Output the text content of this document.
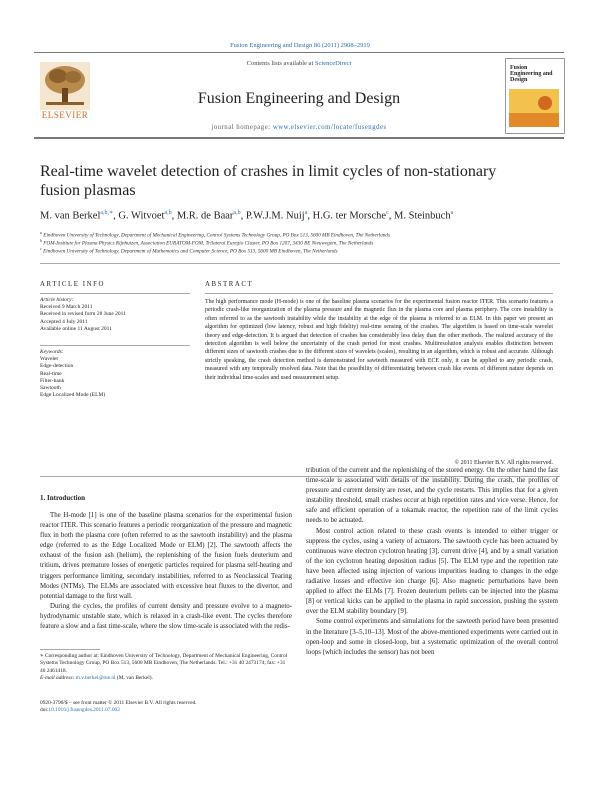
Fusion Engineering and Design 86 (2011) 2908–2919
Contents lists available at ScienceDirect
Fusion Engineering and Design
journal homepage: www.elsevier.com/locate/fusengdes
ELSEVIER
Fusion Engineering and Design
Real-time wavelet detection of crashes in limit cycles of non-stationary fusion plasmas
M. van Berkel$^{a,b,∗}$, G. Witvoet$^{a,b}$, M.R. de Baar$^{a,b}$, P.W.J.M. Nuij$^a$, H.G. ter Morsche$^c$, M. Steinbuch$^a$
$^a$ Eindhoven University of Technology, Department of Mechanical Engineering, Control Systems Technology Group, PO Box 513, 5600 MB Eindhoven, The Netherlands
$^b$ FOM-Institute for Plasma Physics Rijnhuizen, Association EURATOM-FOM, Trilateral Euregio Cluster, PO Box 1207, 3430 BE Nieuwegein, The Netherlands
$^c$ Eindhoven University of Technology, Department of Mathematics and Computer Science, PO Box 513, 5600 MB Eindhoven, The Netherlands
ARTICLE INFO
Article history:
Received 9 March 2011
Received in revised form 28 June 2011
Accepted 4 July 2011
Available online 11 August 2011
Keywords:
Wavelet
Edge-detection
Real-time
Filter-bank
Sawtooth
Edge Localized Mode (ELM)
ABSTRACT
The high performance mode (H-mode) is one of the baseline plasma scenarios for the experimental fusion reactor ITER. This scenario features a periodic crash-like reorganization of the plasma pressure and the magnetic flux in the plasma core and plasma periphery. The core instability is often referred to as the sawtooth instability while the instability at the edge of the plasma is referred to as ELM. In this paper we present an algorithm for optimized (low latency, robust and high fidelity) real-time sensing of the crashes. The algorithm is based on time-scale wavelet theory and edge-detection. It is argued that detection of crashes has considerably less delay than the other methods. The realized accuracy of the detection algorithm is well below the uncertainty of the crash period for most crashes. Multiresolution analysis enables distinction between different sizes of sawtooth crashes due to the different sizes of wavelets (scales), resulting in an algorithm, which is robust and accurate. Although strictly speaking, the crash detection method is demonstrated for sawteeth measured with ECE only, it can be applied to any periodic crash, measured with any temporally resolved data. Note that the possibility of differentiating between crash like events of different nature depends on their individual time-scales and used measurement setup.
© 2011 Elsevier B.V. All rights reserved.
1. Introduction

The H-mode [1] is one of the baseline plasma scenarios for the experimental fusion reactor ITER. This scenario features a periodic reorganization of the pressure and magnetic flux in both the plasma core (often referred to as the sawtooth instability) and the plasma edge (referred to as the Edge Localized Mode or ELM) [2]. The sawtooth affects the exhaust of the fusion ash (helium), the replenishing of the fusion fuels deuterium and tritium, drives premature losses of energetic particles required for plasma self-heating and triggers performance limiting, secondary instabilities, referred to as Neoclassical Tearing Modes (NTMs). The ELMs are associated with excessive heat fluxes to the divertor, and potential damage to the first wall.

During the cycles, the profiles of current density and pressure evolve to a magneto-hydrodynamic unstable state, which is relaxed in a crash-like event. The cycles therefore feature a slow and a fast time-scale, where the slow time-scale is associated with the redis-

tribution of the current and the replenishing of the stored energy. On the other hand the fast time-scale is associated with details of the instability. During the crash, the profiles of pressure and current density are reset, and the cycle restarts. This implies that for a given instability threshold, small crashes occur at high repetition rates and vice verse. Hence, for safe and efficient operation of a tokamak reactor, the repetition rate of the limit cycles needs to be actuated.

Most control action related to these crash events is intended to either trigger or suppress the cycles, using a variety of actuators. The sawtooth cycle has been actuated by continuous wave electron cyclotron heating [3], current drive [4], and by a small variation of the ion cyclotron heating deposition radius [5]. The ELM type and the repetition rate have been affected using injection of various impurities leading to changes in the edge radiative losses and effective ion charge [6]. Also magnetic perturbations have been applied to affect the ELMs [7]. Frozen deuterium pellets can be injected into the plasma [8] or vertical kicks can be applied to the plasma in rapid succession, pushing the system over the ELM stability boundary [9].

Some control experiments and simulations for the sawteeth period have been presented in the literature [3–5,10–13]. Most of the above-mentioned experiments were carried out in open-loop and some in closed-loop, but a systematic optimization of the overall control loops (which includes the sensor) has not been

∗ Corresponding author at: Eindhoven University of Technology, Department of Mechanical Engineering, Control Systems Technology Group, PO Box 513, 5600 MB Eindhoven, The Netherlands. Tel.: +31 40 2473174; fax: +31 40 2461418.
E-mail address: m.v.berkel@tue.nl (M. van Berkel).
0920-3796/$ – see front matter © 2011 Elsevier B.V. All rights reserved.
doi:10.1016/j.fusengdes.2011.07.002
